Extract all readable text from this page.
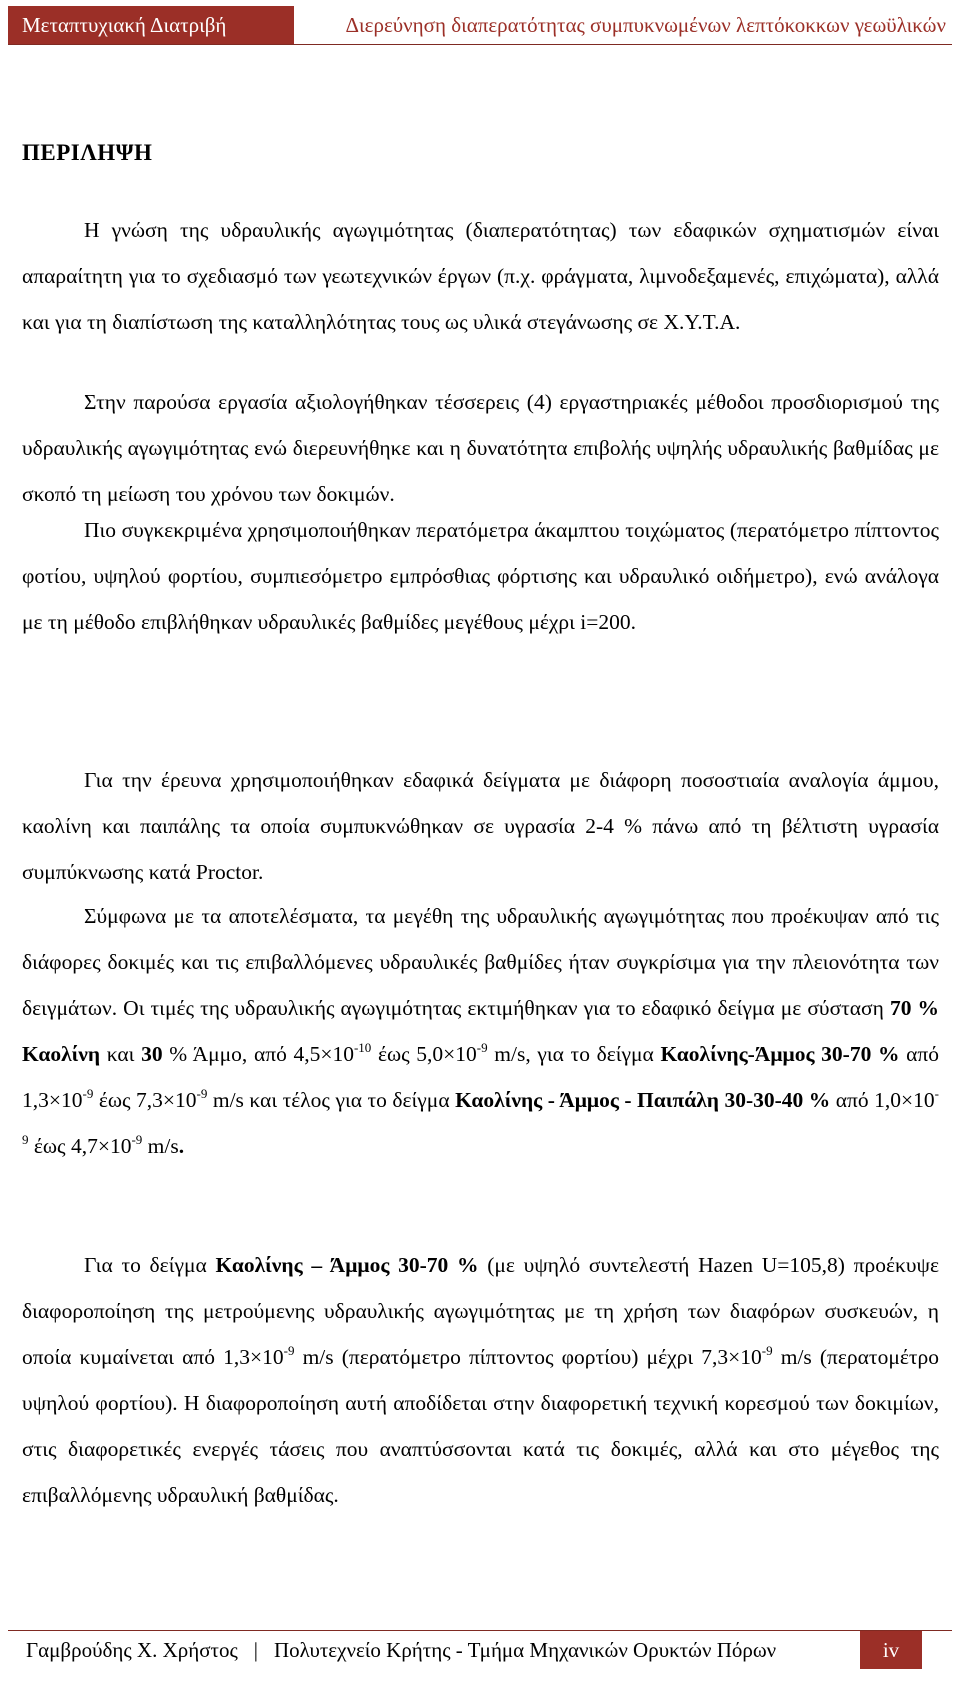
Μεταπτυχιακή Διατριβή	Διερεύνηση διαπερατότητας συμπυκνωμένων λεπτόκοκκων γεωϋλικών
ΠΕΡΙΛΗΨΗ

Η γνώση της υδραυλικής αγωγιμότητας (διαπερατότητας) των εδαφικών σχηματισμών είναι απαραίτητη για το σχεδιασμό των γεωτεχνικών έργων (π.χ. φράγματα, λιμνοδεξαμενές, επιχώματα), αλλά και για τη διαπίστωση της καταλληλότητας τους ως υλικά στεγάνωσης σε Χ.Υ.Τ.Α.

Στην παρούσα εργασία αξιολογήθηκαν τέσσερεις (4) εργαστηριακές μέθοδοι προσδιορισμού της υδραυλικής αγωγιμότητας ενώ διερευνήθηκε και η δυνατότητα επιβολής υψηλής υδραυλικής βαθμίδας με σκοπό τη μείωση του χρόνου των δοκιμών.

Πιο συγκεκριμένα χρησιμοποιήθηκαν περατόμετρα άκαμπτου τοιχώματος (περατόμετρο πίπτοντος φοτίου, υψηλού φορτίου, συμπιεσόμετρο εμπρόσθιας φόρτισης και υδραυλικό οιδήμετρο), ενώ ανάλογα με τη μέθοδο επιβλήθηκαν υδραυλικές βαθμίδες μεγέθους μέχρι i=200.

Για την έρευνα χρησιμοποιήθηκαν εδαφικά δείγματα με διάφορη ποσοστιαία αναλογία άμμου, καολίνη και παιπάλης τα οποία συμπυκνώθηκαν σε υγρασία 2-4 % πάνω από τη βέλτιστη υγρασία συμπύκνωσης κατά Proctor.

Σύμφωνα με τα αποτελέσματα, τα μεγέθη της υδραυλικής αγωγιμότητας που προέκυψαν από τις διάφορες δοκιμές και τις επιβαλλόμενες υδραυλικές βαθμίδες ήταν συγκρίσιμα για την πλειονότητα των δειγμάτων. Οι τιμές της υδραυλικής αγωγιμότητας εκτιμήθηκαν για το εδαφικό δείγμα με σύσταση 70 % Καολίνη και 30 % Άμμο, από $4,5\times 10^{-10}$ έως $5,0\times 10^{-9}$ m/s, για το δείγμα Καολίνης-Άμμος 30-70 % από $1,3\times 10^{-9}$ έως $7,3\times 10^{-9}$ m/s και τέλος για το δείγμα Καολίνης - Άμμος - Παιπάλη 30-30-40 % από $1,0\times 10^{-9}$ έως $4,7\times 10^{-9}$ m/s.

Για το δείγμα Καολίνης – Άμμος 30-70 % (με υψηλό συντελεστή Hazen U=105,8) προέκυψε διαφοροποίηση της μετρούμενης υδραυλικής αγωγιμότητας με τη χρήση των διαφόρων συσκευών, η οποία κυμαίνεται από $1,3\times 10^{-9}$ m/s (περατόμετρο πίπτοντος φορτίου) μέχρι $7,3\times 10^{-9}$ m/s (περατομέτρο υψηλού φορτίου). Η διαφοροποίηση αυτή αποδίδεται στην διαφορετική τεχνική κορεσμού των δοκιμίων, στις διαφορετικές ενεργές τάσεις που αναπτύσσονται κατά τις δοκιμές, αλλά και στο μέγεθος της επιβαλλόμενης υδραυλική βαθμίδας.

Γαμβρούδης Χ. Χρήστος | Πολυτεχνείο Κρήτης - Τμήμα Μηχανικών Ορυκτών Πόρων	iv
